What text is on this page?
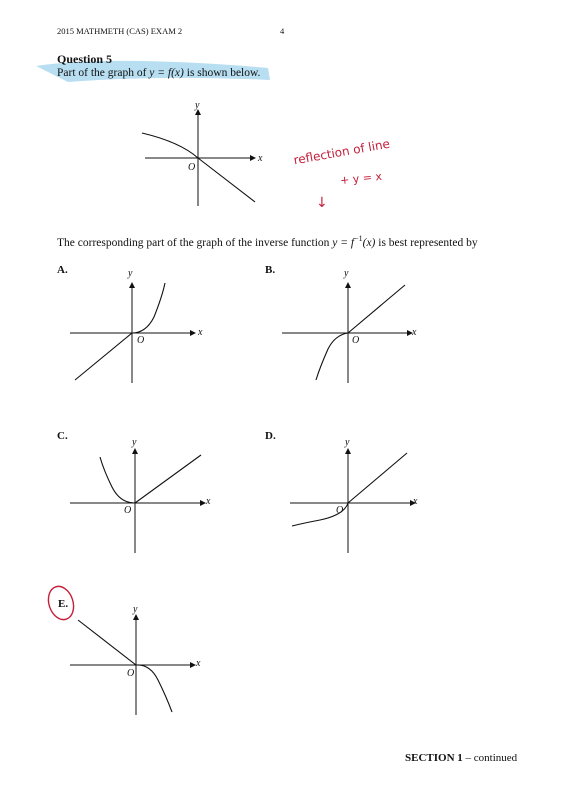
2015 MATHMETH (CAS) EXAM 2	4
Question 5
Part of the graph of y = f(x) is shown below.
y
x
O
reflection of line
+ y = x
↓
The corresponding part of the graph of the inverse function $y = f^{-1}(x)$ is best represented by
A.	y
x
O
B.	y
x
O
C.
y
x
O
D.
y
x
O
E.	y
x
O
SECTION 1 – continued
